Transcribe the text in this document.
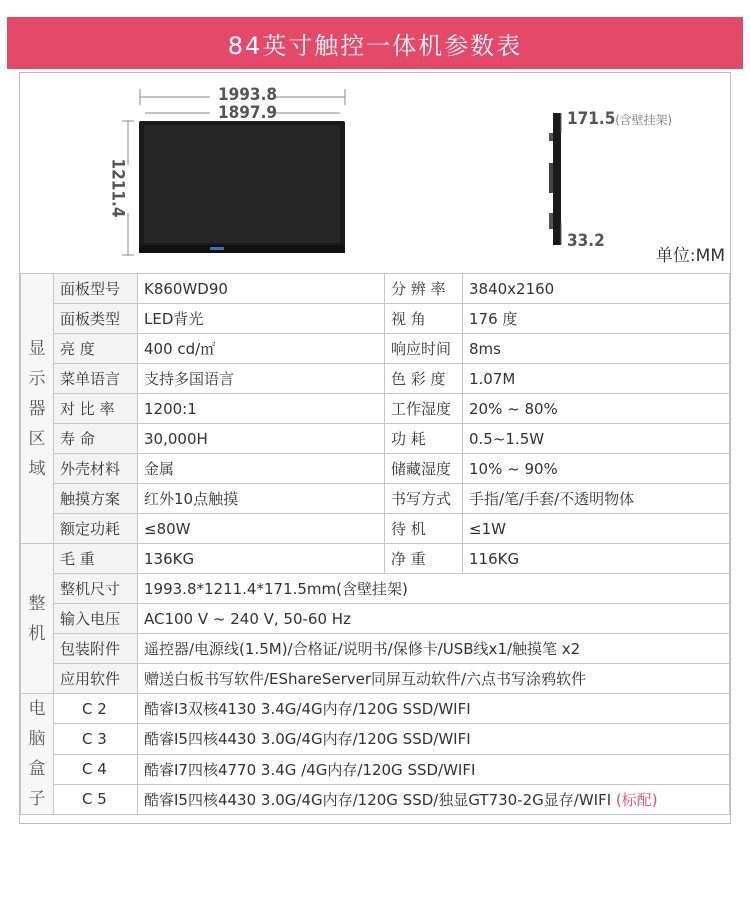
84英寸触控一体机参数表
1993.8
1897.9
1211.4
171.5(含壁挂架)
33.2
单位:MM
显示器区域	面板型号	K860WD90	分 辨 率	3840x2160
	面板类型	LED背光	视 角	176 度
	亮 度	400 cd/㎡	响应时间	8ms
	菜单语言	支持多国语言	色 彩 度	1.07M
	对 比 率	1200:1	工作湿度	20% ~ 80%
	寿 命	30,000H	功 耗	0.5~1.5W
	外壳材料	金属	储藏湿度	10% ~ 90%
	触摸方案	红外10点触摸	书写方式	手指/笔/手套/不透明物体
	额定功耗	≤80W	待 机	≤1W

整机	毛 重	136KG	净 重	116KG
	整机尺寸	1993.8*1211.4*171.5mm(含壁挂架)		
	输入电压	AC100 V ~ 240 V, 50-60 Hz		
	包装附件	遥控器/电源线(1.5M)/合格证/说明书/保修卡/USB线x1/触摸笔 x2		
	应用软件	赠送白板书写软件/EShareServer同屏互动软件/六点书写涂鸦软件		

电脑盒子	C 2	酷睿I3双核4130 3.4G/4G内存/120G SSD/WIFI		
	C 3	酷睿I5四核4430 3.0G/4G内存/120G SSD/WIFI		
	C 4	酷睿I7四核4770 3.4G /4G内存/120G SSD/WIFI		
	C 5	酷睿I5四核4430 3.0G/4G内存/120G SSD/独显GT730-2G显存/WIFI (标配)		
